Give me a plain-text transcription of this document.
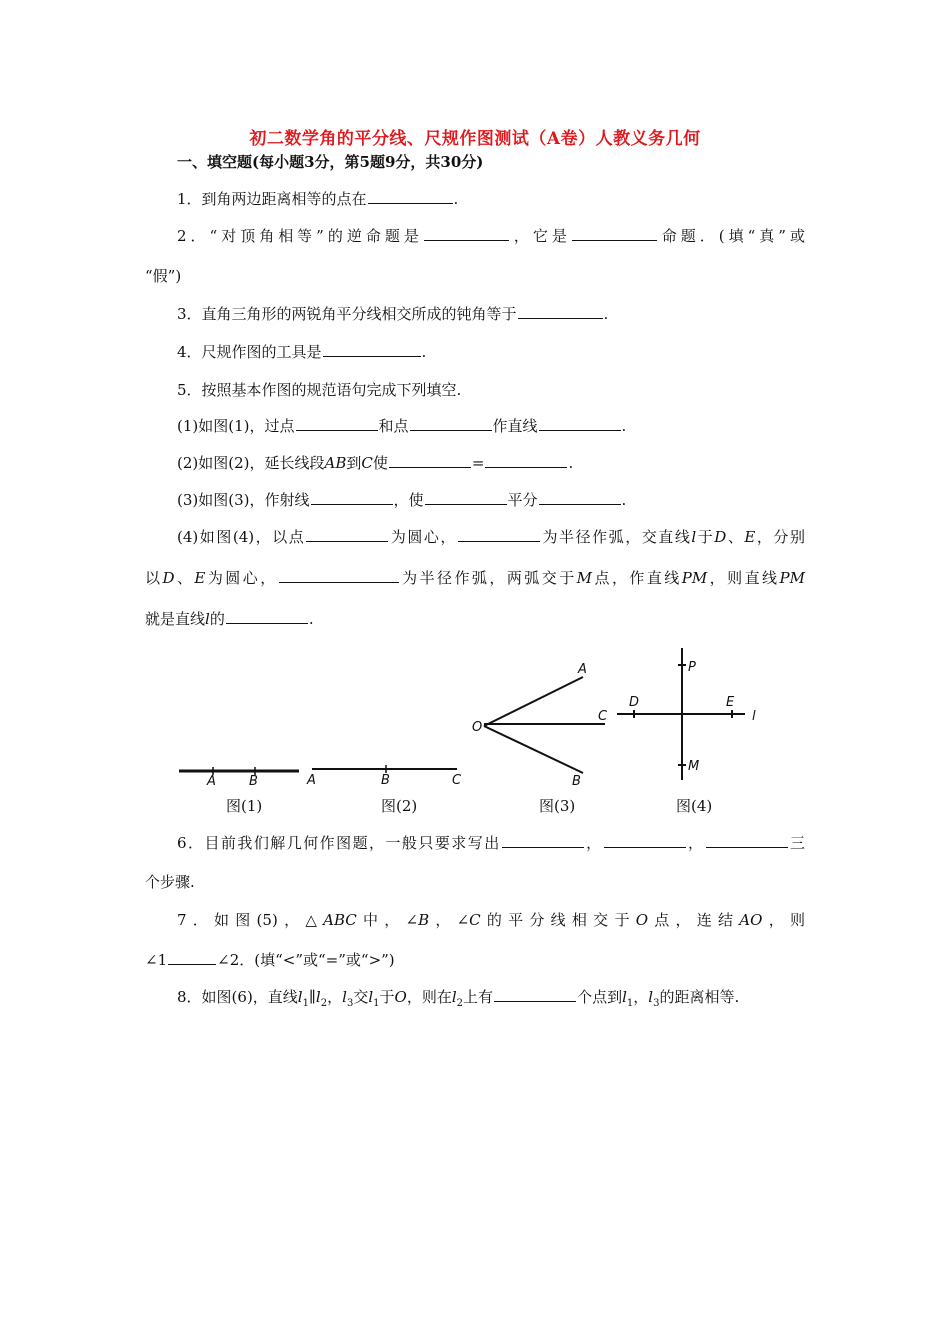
初二数学角的平分线、尺规作图测试（A卷）人教义务几何
一、填空题(每小题3分，第5题9分，共30分)
1．到角两边距离相等的点在	.
2．“对顶角相等”的逆命题是	，它是	命题．(填“真”或
“假”)
3．直角三角形的两锐角平分线相交所成的钝角等于	.
4．尺规作图的工具是	.
5．按照基本作图的规范语句完成下列填空.
(1)如图(1)，过点	和点	作直线	.
(2)如图(2)，延长线段AB到C使	=	.
(3)如图(3)，作射线	，使	平分	.
(4)如图(4)，以点	为圆心，	为半径作弧，交直线l于D、E，分别
以D、E为圆心，	为半径作弧，两弧交于M点，作直线PM，则直线PM
就是直线l的	.
A	B	A	B	C
O
A
C
B
P
D	E
l
M
图(1)	图(2)	图(3)	图(4)
6．目前我们解几何作图题，一般只要求写出	，	，	三
个步骤.
7．如图(5)，△ABC中，∠B，∠C的平分线相交于O点，连结AO，则
∠1	∠2．(填“<”或“=”或“>”)
8．如图(6)，直线$l_1\parallel l_2$，$l_3$交$l_1$于O，则在$l_2$上有	个点到$l_1$，$l_3$的距离相等.
